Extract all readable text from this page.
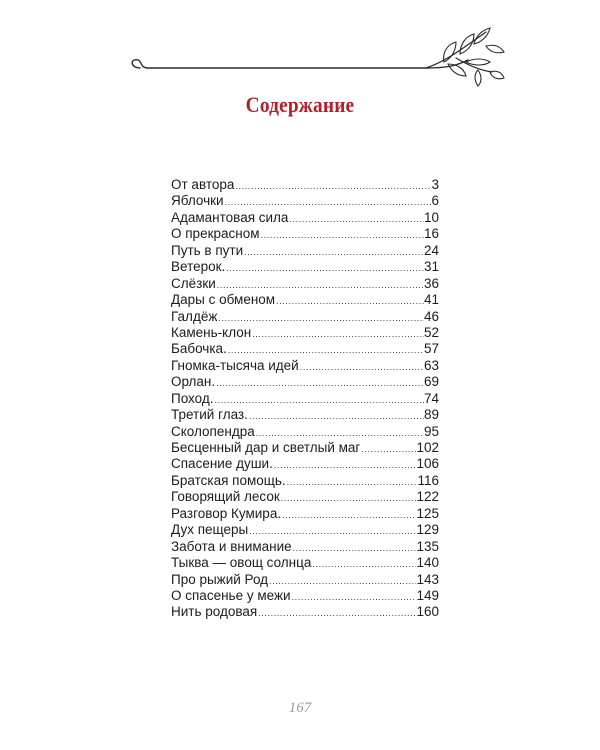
Содержание
От автора .....	3
Яблочки .....	6
Адамантовая сила .....	10
О прекрасном .....	16
Путь в пути .....	24
Ветерок. .....	31
Слёзки .....	36
Дары с обменом .....	41
Галдёж .....	46
Камень-клон .....	52
Бабочка. .....	57
Гномка-тысяча идей .....	63
Орлан. .....	69
Поход. .....	74
Третий глаз. .....	89
Сколопендра .....	95
Бесценный дар и светлый маг .....	102
Спасение души. .....	106
Братская помощь. .....	116
Говорящий лесок .....	122
Разговор Кумира. .....	125
Дух пещеры .....	129
Забота и внимание .....	135
Тыква — овощ солнца .....	140
Про рыжий Род .....	143
О спасенье у межи .....	149
Нить родовая .....	160
167
